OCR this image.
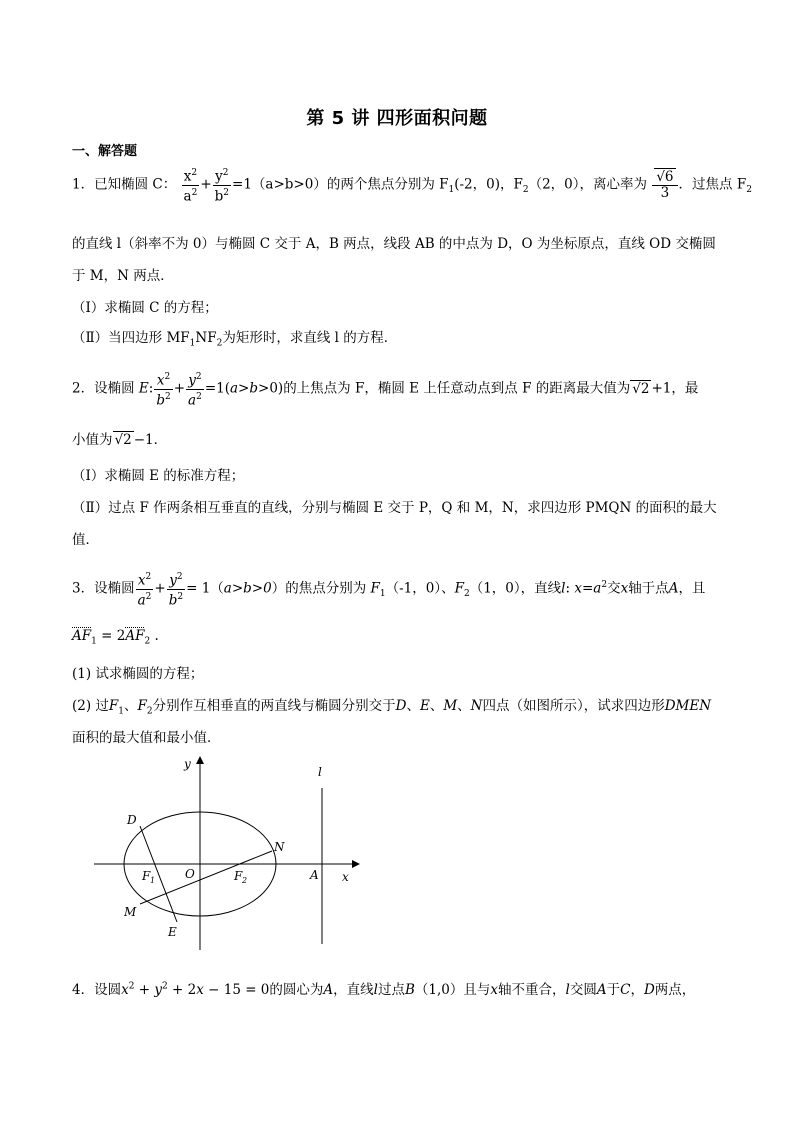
第 5 讲 四形面积问题
一、解答题
1．已知椭圆 C： $\frac{x^2}{a^2} + \frac{y^2}{b^2} =1(a>b>0)$的两个焦点分别为 $F_1(-2$，0)，$F_2(2$，0），离心率为 $\frac{√6}{3}$ ．过焦点 $F_2$
的直线 l（斜率不为 0）与椭圆 C 交于 A，B 两点，线段 AB 的中点为 D，O 为坐标原点，直线 OD 交椭圆
于 M，N 两点．
（Ⅰ）求椭圆 C 的方程；
（Ⅱ）当四边形 $MF_1NF_2$为矩形时，求直线 l 的方程．
2．设椭圆 E: $\frac{x^2}{b^2} + \frac{y^2}{a^2} =1(a>b>0)$的上焦点为 F，椭圆 E 上任意动点到点 F 的距离最大值为 √2 +1，最
小值为 √2 −1．
（Ⅰ）求椭圆 E 的标准方程；
（Ⅱ）过点 F 作两条相互垂直的直线，分别与椭圆 E 交于 P，Q 和 M，N，求四边形 PMQN 的面积的最大
值．
3．设椭圆 $\frac{x^2}{a^2} + \frac{y^2}{b^2} = 1(a>b>0)$的焦点分别为 $F_1(-1$，0）、$F_2(1$，0），直线l: $x=a^2$交x轴于点A，且
$AF_1 = 2AF_2$ .
(1) 试求椭圆的方程；
(2) 过$F_1$、$F_2$分别作互相垂直的两直线与椭圆分别交于D、E、M、N四点（如图所示），试求四边形DMEN
面积的最大值和最小值．
y
x
l
D
N
F 1 O	F 2	A
M
E
4．设圆$x^2 + y^2 + 2x - 15 = 0$的圆心为A，直线l过点B（1,0）且与x轴不重合，l交圆A于C，D两点，
